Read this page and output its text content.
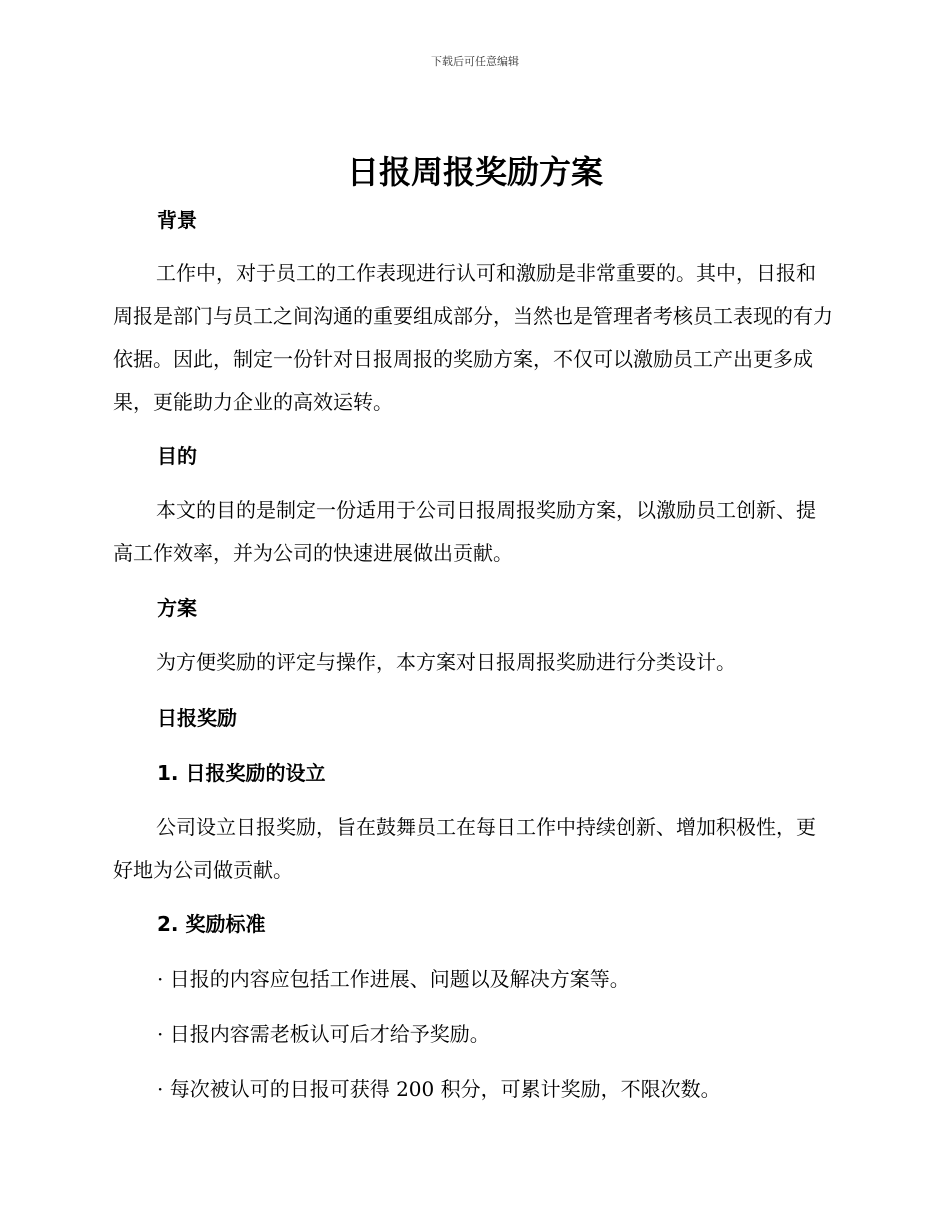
下载后可任意编辑
日报周报奖励方案
背景

工作中，对于员工的工作表现进行认可和激励是非常重要的。其中，日报和周报是部门与员工之间沟通的重要组成部分，当然也是管理者考核员工表现的有力依据。因此，制定一份针对日报周报的奖励方案，不仅可以激励员工产出更多成果，更能助力企业的高效运转。

目的

本文的目的是制定一份适用于公司日报周报奖励方案，以激励员工创新、提高工作效率，并为公司的快速进展做出贡献。

方案

为方便奖励的评定与操作，本方案对日报周报奖励进行分类设计。

日报奖励
1. 日报奖励的设立

公司设立日报奖励，旨在鼓舞员工在每日工作中持续创新、增加积极性，更好地为公司做贡献。

2. 奖励标准

· 日报的内容应包括工作进展、问题以及解决方案等。

· 日报内容需老板认可后才给予奖励。

· 每次被认可的日报可获得 200 积分，可累计奖励，不限次数。
